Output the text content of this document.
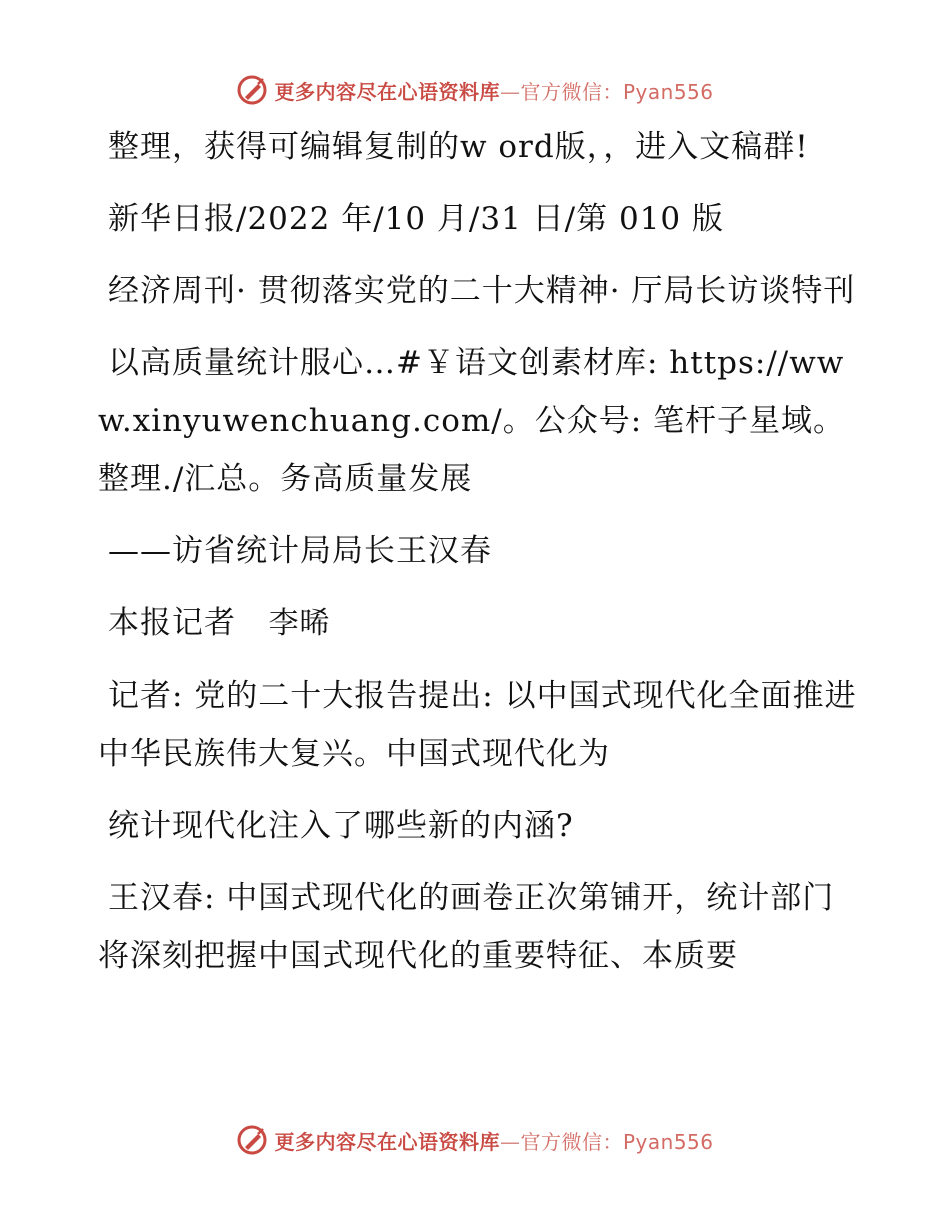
更多内容尽在心语资料库—官方微信：Pyan556

整理，获得可编辑复制的w ord版，，进入文稿群!

新华日报/2022 年/10 月/31 日/第 010 版

经济周刊· 贯彻落实党的二十大精神· 厅局长访谈特刊

以高质量统计服心…#￥语文创素材库: https://www.xinyuwenchuang.com/。公众号: 笔杆子星域。整理./汇总。务高质量发展

——访省统计局局长王汉春

本报记者 李晞

记者: 党的二十大报告提出: 以中国式现代化全面推进中华民族伟大复兴。中国式现代化为

统计现代化注入了哪些新的内涵?

王汉春: 中国式现代化的画卷正次第铺开，统计部门将深刻把握中国式现代化的重要特征、本质要

更多内容尽在心语资料库—官方微信：Pyan556
